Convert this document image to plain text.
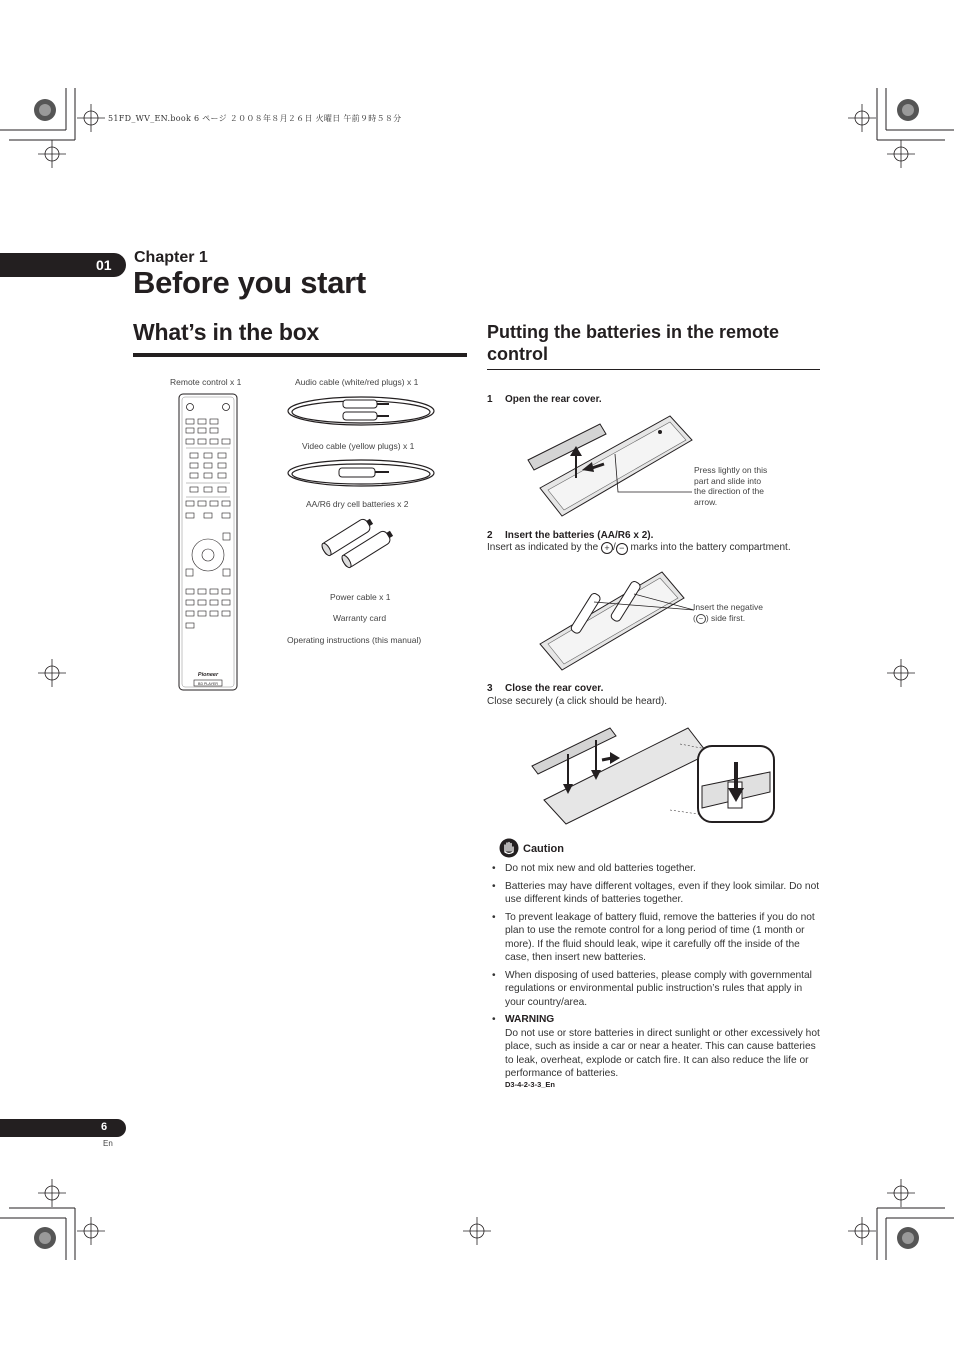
51FD_WV_EN.book 6 ページ ２００８年８月２６日 火曜日 午前９時５８分
01 Chapter 1
Before you start
What’s in the box
Remote control x 1	Audio cable (white/red plugs) x 1
Pioneer
BD PLAYER
Video cable (yellow plugs) x 1
AA/R6 dry cell batteries x 2
Power cable x 1
Warranty card
Operating instructions (this manual)
Putting the batteries in the remote control
1 Open the rear cover.
Press lightly on this
part and slide into
the direction of the
arrow.
2 Insert the batteries (AA/R6 x 2).
Insert as indicated by the + / − marks into the battery compartment.
Insert the negative
( − ) side first.
3 Close the rear cover.
Close securely (a click should be heard).
Caution
• Do not mix new and old batteries together.
• Batteries may have different voltages, even if they look similar. Do not use different kinds of batteries together.
• To prevent leakage of battery fluid, remove the batteries if you do not plan to use the remote control for a long period of time (1 month or more). If the fluid should leak, wipe it carefully off the inside of the case, then insert new batteries.
• When disposing of used batteries, please comply with governmental regulations or environmental public instruction’s rules that apply in your country/area.
• WARNING
Do not use or store batteries in direct sunlight or other excessively hot place, such as inside a car or near a heater. This can cause batteries to leak, overheat, explode or catch fire. It can also reduce the life or performance of batteries.
D3-4-2-3-3_En
6
En
